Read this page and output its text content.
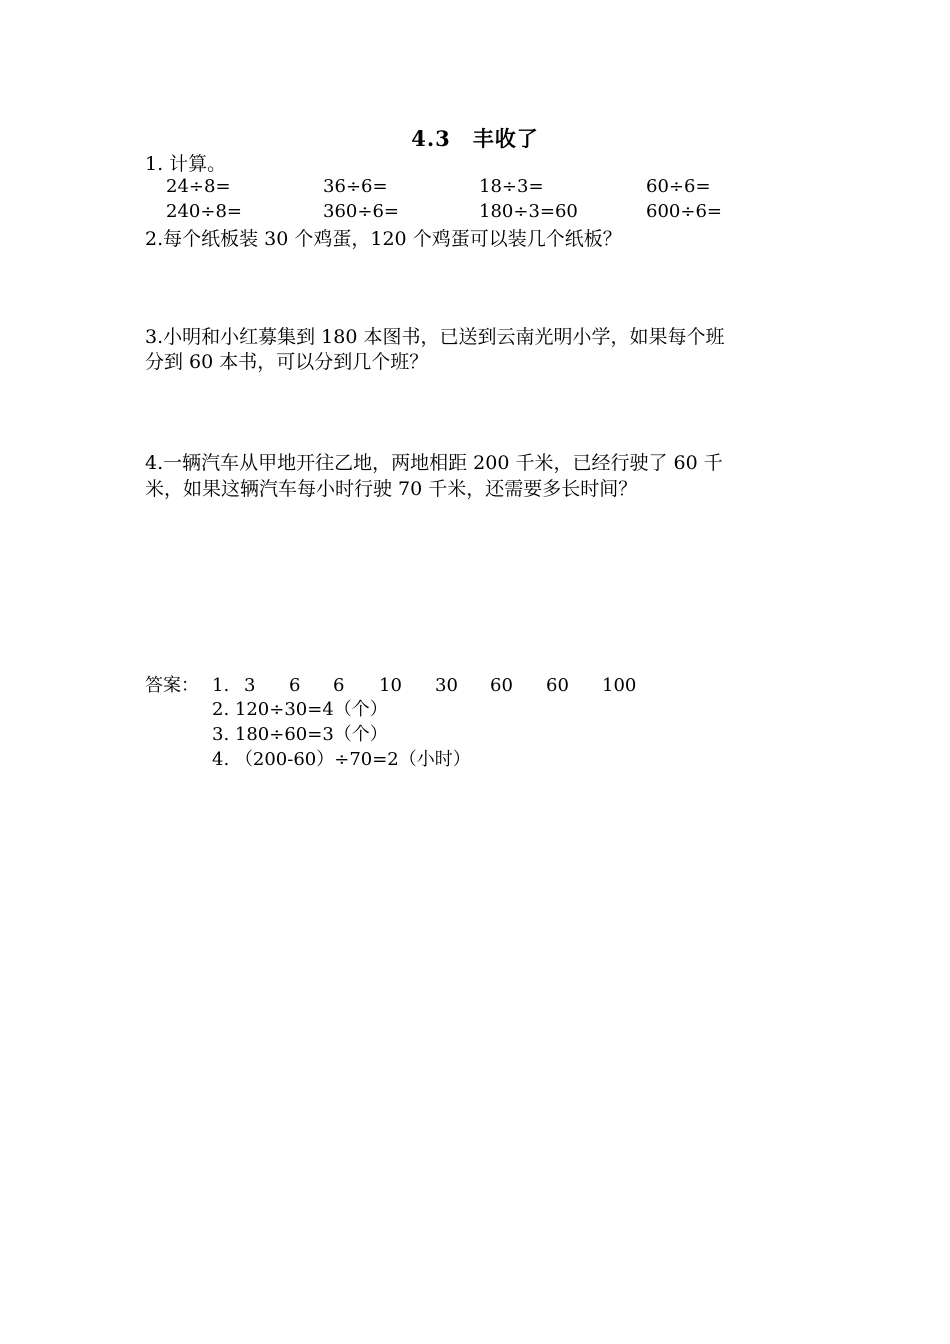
4.3　丰收了
1. 计算。
24÷8=	36÷6=	18÷3=	60÷6=
240÷8=	360÷6=	180÷3=60	600÷6=
2.每个纸板装 30 个鸡蛋，120 个鸡蛋可以装几个纸板？
3.小明和小红募集到 180 本图书，已送到云南光明小学，如果每个班
分到 60 本书，可以分到几个班？
4.一辆汽车从甲地开往乙地，两地相距 200 千米，已经行驶了 60 千
米，如果这辆汽车每小时行驶 70 千米，还需要多长时间？
答案： 1. 3 6 6 10 30 60 60 100
2. 120÷30=4（个）
3. 180÷60=3（个）
4. （200-60）÷70=2（小时）
